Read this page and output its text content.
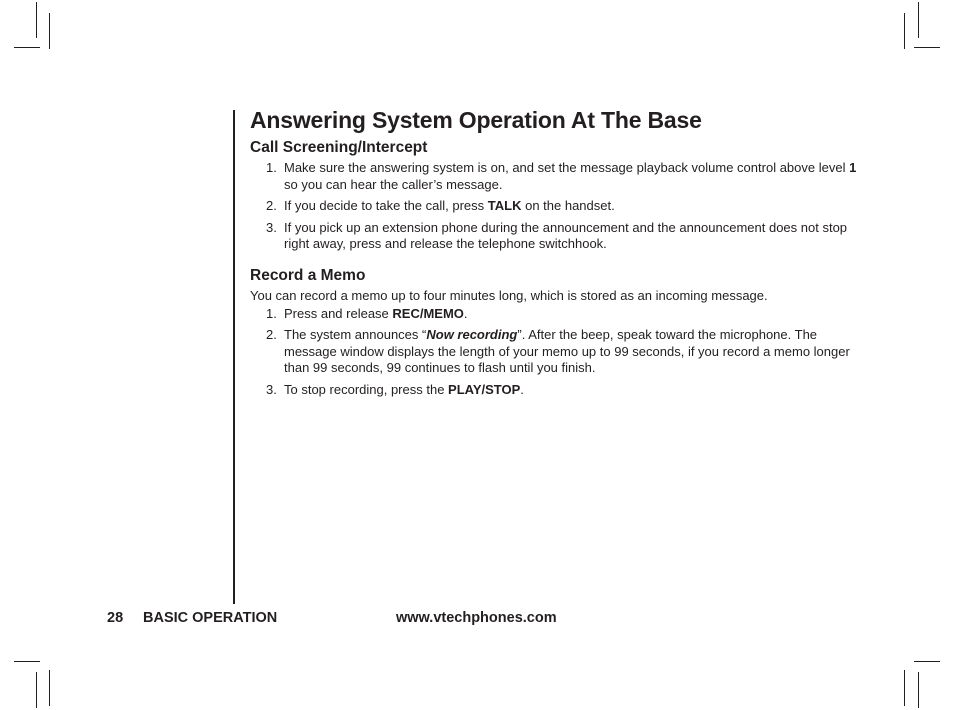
Answering System Operation At The Base
Call Screening/Intercept
1. Make sure the answering system is on, and set the message playback volume control above level 1 so you can hear the caller’s message.
2. If you decide to take the call, press TALK on the handset.
3. If you pick up an extension phone during the announcement and the announcement does not stop right away, press and release the telephone switchhook.
Record a Memo

You can record a memo up to four minutes long, which is stored as an incoming message.

1. Press and release REC/MEMO.
2. The system announces “Now recording”. After the beep, speak toward the microphone. The message window displays the length of your memo up to 99 seconds, if you record a memo longer than 99 seconds, 99 continues to flash until you finish.
3. To stop recording, press the PLAY/STOP.
28 BASIC OPERATION	www.vtechphones.com
